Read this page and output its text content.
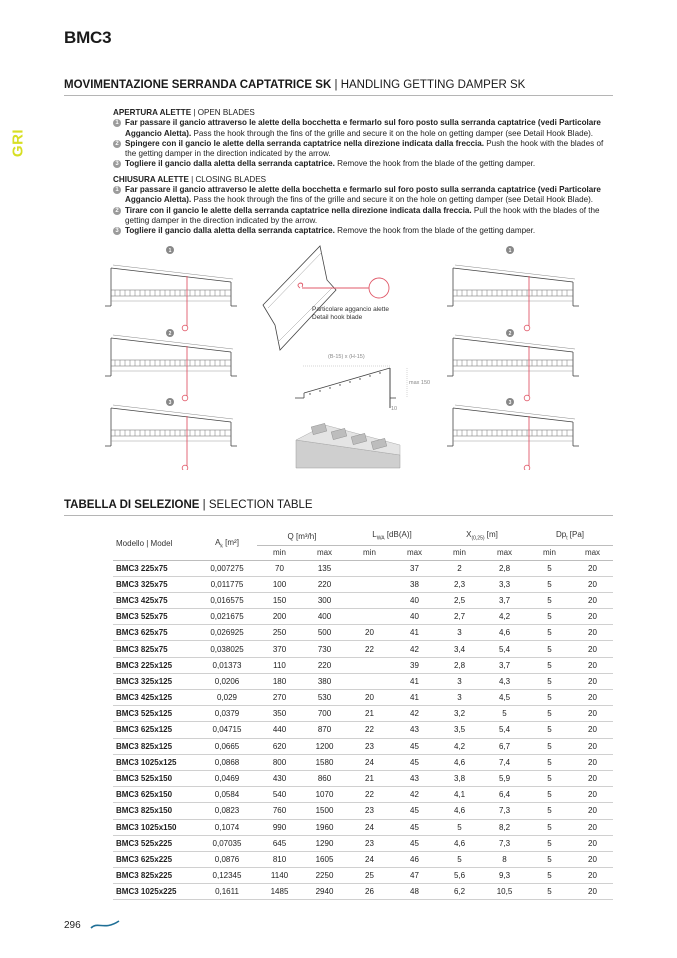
BMC3
GRI
MOVIMENTAZIONE SERRANDA CAPTATRICE SK | HANDLING GETTING DAMPER SK
APERTURA ALETTE | OPEN BLADES
1 Far passare il gancio attraverso le alette della bocchetta e fermarlo sul foro posto sulla serranda captatrice (vedi Particolare Aggancio Aletta). Pass the hook through the fins of the grille and secure it on the hole on getting damper (see Detail Hook Blade).
2 Spingere con il gancio le alette della serranda captatrice nella direzione indicata dalla freccia. Push the hook with the blades of the getting damper in the direction indicated by the arrow.
3 Togliere il gancio dalla aletta della serranda captatrice. Remove the hook from the blade of the getting damper.
CHIUSURA ALETTE | CLOSING BLADES
1 Far passare il gancio attraverso le alette della bocchetta e fermarlo sul foro posto sulla serranda captatrice (vedi Particolare Aggancio Aletta). Pass the hook through the fins of the grille and secure it on the hole on getting damper (see Detail Hook Blade).
2 Tirare con il gancio le alette della serranda captatrice nella direzione indicata dalla freccia. Pull the hook with the blades of the getting damper in the direction indicated by the arrow.
3 Togliere il gancio dalla aletta della serranda captatrice. Remove the hook from the blade of the getting damper.
1
2
3
1
2
3
Particolare aggancio alette
Detail hook blade
(B-15) x (H-15)
max 150
10
TABELLA DI SELEZIONE | SELECTION TABLE
Modello | Model	$A_k$ [m²]	Q [m³/h]		$L_{WA}$ [dB(A)]		$X_{(0,25)}$ [m]		$Dp_t$ [Pa]	
		min	max	min	max	min	max	min	max
BMC3 225x75	0,007275	70	135		37	2	2,8	5	20
BMC3 325x75	0,011775	100	220		38	2,3	3,3	5	20
BMC3 425x75	0,016575	150	300		40	2,5	3,7	5	20
BMC3 525x75	0,021675	200	400		40	2,7	4,2	5	20
BMC3 625x75	0,026925	250	500	20	41	3	4,6	5	20
BMC3 825x75	0,038025	370	730	22	42	3,4	5,4	5	20
BMC3 225x125	0,01373	110	220		39	2,8	3,7	5	20
BMC3 325x125	0,0206	180	380		41	3	4,3	5	20
BMC3 425x125	0,029	270	530	20	41	3	4,5	5	20
BMC3 525x125	0,0379	350	700	21	42	3,2	5	5	20
BMC3 625x125	0,04715	440	870	22	43	3,5	5,4	5	20
BMC3 825x125	0,0665	620	1200	23	45	4,2	6,7	5	20
BMC3 1025x125	0,0868	800	1580	24	45	4,6	7,4	5	20
BMC3 525x150	0,0469	430	860	21	43	3,8	5,9	5	20
BMC3 625x150	0,0584	540	1070	22	42	4,1	6,4	5	20
BMC3 825x150	0,0823	760	1500	23	45	4,6	7,3	5	20
BMC3 1025x150	0,1074	990	1960	24	45	5	8,2	5	20
BMC3 525x225	0,07035	645	1290	23	45	4,6	7,3	5	20
BMC3 625x225	0,0876	810	1605	24	46	5	8	5	20
BMC3 825x225	0,12345	1140	2250	25	47	5,6	9,3	5	20
BMC3 1025x225	0,1611	1485	2940	26	48	6,2	10,5	5	20
296
